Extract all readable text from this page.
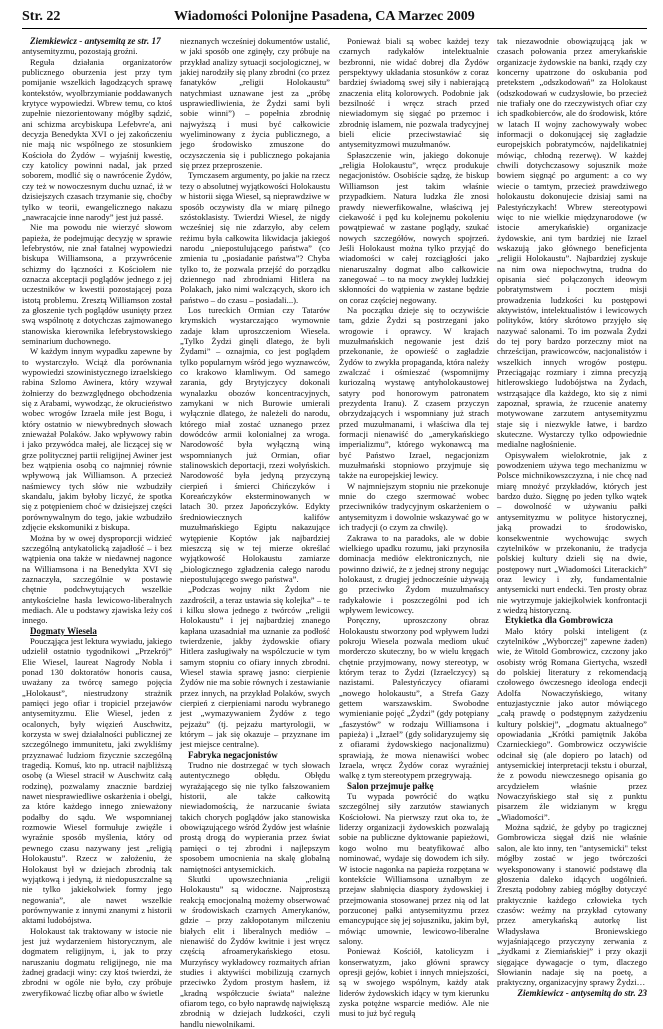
Str. 22	Wiadomości Polonijne Pasadena, CA Marzec 2009

Ziemkiewicz - antysemitą ze str. 17

antysemityzmu, pozostają groźni.

Reguła działania organizatorów publicznego oburzenia jest przy tym pomijanie wszelkich łagodzących sprawę kontekstów, wyolbrzymianie poddawanych krytyce wypowiedzi. Wbrew temu, co ktoś zupełnie niezorientowany mógłby sądzić, ani schizma arcybiskupa Lefebvre'a, ani decyzja Benedykta XVI o jej zakończeniu nie mają nic wspólnego ze stosunkiem Kościoła do Żydów – wyjaśnij kwestię, czy katolicy powinni nadal, jak przed soborem, modlić się o nawrócenie Żydów, czy też w nowoczesnym duchu uznać, iż w dzisiejszych czasach trzymanie się, choćby tylko w teorii, ewangelicznego nakazu „nawracajcie inne narody” jest już passé.

Nie ma powodu nie wierzyć słowom papieża, że podejmując decyzję w sprawie lefebrystów, nie znał fatalnej wypowiedzi biskupa Williamsona, a przywrócenie schizmy do łączności z Kościołem nie oznacza akceptacji poglądów jednego z jej uczestników w kwestii pozostającej poza istotą problemu. Zresztą Williamson został za głoszenie tych poglądów usunięty przez swą wspólnotę z dotychczas zajmowanego stanowiska kierownika lefebrystowskiego seminarium duchownego.

W każdym innym wypadku zapewne by to wystarczyło. Wciąż dla porównania wypowiedzi szowinistycznego izraelskiego rabina Szlomo Awinera, który wzywał żołnierzy do bezwzględnego obchodzenia się z Arabami, wywodząc, że okrucieństwo wobec wrogów Izraela miłe jest Bogu, i który ostatnio w niewybrednych słowach znieważał Polaków. Jako wpływowy rabin i jako przywódca małej, ale liczącej się w grze politycznej partii religijnej Awiner jest bez wątpienia osobą co najmniej równie wpływową jak Williamson. A przecież naśmiewcy tych słów nie wzbudziły skandalu, jakim byłoby liczyć, że spotka się z potępieniem choć w dzisiejszej części porównywalnym do tego, jakie wzbudziło zdjęcie ekskomuniki z biskupa.

Można by w owej dysproporcji widzieć szczególną antykatolicką zajadłość – i bez wątpienia ona także w niedawnej nagonce na Williamsona i na Benedykta XVI się zaznaczyła, szczególnie w postawie chętnie podchwytujących wszelkie antykościelne hasła lewicowo-liberalnych mediach. Ale u podstawy zjawiska leży coś innego.

Dogmaty Wiesela

Poucząjąca jest lektura wywiadu, jakiego udzielił ostatnio tygodnikowi „Przekrój” Elie Wiesel, laureat Nagrody Nobla i ponad 130 doktoratów honoris causa, uważany za twórcę samego pojęcia „Holokaust”, niestrudzony strażnik pamięci jego ofiar i tropiciel przejawów antysemityzmu. Elie Wiesel, jeden z ocalonych, były więzień Auschwitz, korzysta w swej działalności publicznej ze szczególnego immunitetu, jaki zwykliśmy przyznawać ludziom fizycznie szczególną tragedią. Komuś, kto np. utracił najbliższą osobę (a Wiesel stracił w Auschwitz całą rodzinę), pozwalamy znacznie bardziej nawet niesprawiedliwe oskarżenia i obelgi, za które każdego innego znieważony podałby do sądu. We wspomnianej rozmowie Wiesel formułuje zwięźle i wyraźnie sposób myślenia, który od pewnego czasu nazywany jest „religią Holokaustu”. Rzecz w założeniu, że Holokaust był w dziejach zbrodnią tak wyjątkową i jedyną, iż niedopuszczalne są nie tylko jakiekolwiek formy jego negowania”, ale nawet wszelkie porównywanie z innymi znanymi z historii aktami ludobójstwa.

Holokaust tak traktowany w istocie nie jest już wydarzeniem historycznym, ale dogmatem religijnym, i, jak to przy naruszaniu dogmatu religijnego, nie ma żadnej gradacji winy: czy ktoś twierdzi, że zbrodni w ogóle nie było, czy próbuje zweryfikować liczbę ofiar albo w świetle

nieznanych wcześniej dokumentów ustalić, w jaki sposób one zginęły, czy próbuje na przykład analizy sytuacji socjologicznej, w jakiej narodziły się plany zbrodni (co przez fanatyków „religii Holokaustu” natychmiast uznawane jest za „próbę usprawiedliwienia, że Żydzi sami byli sobie winni”) – popełnia zbrodnię najwyższą i musi być całkowicie wyeliminowany z życia publicznego, a jego środowisko zmuszone do oczyszczenia się i publicznego pokajania się przez przeproszenie.

Tymczasem argumenty, po jakie na rzecz tezy o absolutnej wyjątkowości Holokaustu w historii sięga Wiesel, są nieprawdziwe w sposób oczywisty dla w miarę pilnego szóstoklasisty. Twierdzi Wiesel, że nigdy wcześniej się nie zdarzyło, aby celem reżimu była całkowita likwidacja jakiegoś narodu „niepostulującego państwa” (co zmienia tu „posiadanie państwa”? Chyba tylko to, że pozwala przejść do porządku dziennego nad zbrodniami Hitlera na Polakach, jako nimi walczących, skoro ich państwo – do czasu – posiadali...).

Los tureckich Ormian czy Tatarów krymskich wystarczająco wymownie zadaje kłam uproszczeniom Wiesela. „Tylko Żydzi ginęli dlatego, że byli Żydami” – oznajmia, co jest poglądem tylko popularnym wśród jego wyznawców, co krakowo kłamliwym. Od samego zarania, gdy Brytyjczycy dokonali wynalazku obozów koncentracyjnych, zamykani w nich Burowie umierali wyłącznie dlatego, że należeli do narodu, którego miał zostać uznanego przez dowódców armii kolonialnej za wroga. Narodowość była wyłączną winą wspomnianych już Ormian, ofiar stalinowskich deportacji, rzezi wołyńskich. Narodowość była jedyną przyczyną cierpień i śmierci Chińczyków i Koreańczyków eksterminowanych w latach 30. przez Japończyków. Edykty średniowiecznych kalifów muzułmańskiego Egiptu nakazujące wytępienie Koptów jak najbardziej mieszczą się w tej mierze określać wyjątkowość Holokaustu zamiarze „biologicznego zgładzenia całego narodu niepostulującego swego państwa”.

„Podczas wojny nikt Żydom nie zazdrościł, a teraz ustawia się kolejka” – te i kilku słowa jednego z twórców „religii Holokaustu” i jej najbardziej znanego kapłana uzasadniał ma uznanie za podłość twierdzenie, jakby żydowskie ofiary Hitlera zasługiwały na wspólczucie w tym samym stopniu co ofiary innych zbrodni. Wiesel stawia sprawę jasno: cierpienie Żydów nie ma sobie równych i zestawianie przez innych, na przykład Polaków, swych cierpień z cierpieniami narodu wybranego jest „wymazywaniem Żydów z tego pejzażu” (tj. pejzażu martyrologii, w którym – jak się okazuje – przyznane im jest miejsce centralne).

Fabryka negacjonistów

Trudno nie dostrzegać w tych słowach autentycznego obłędu. Obłędu wyrażającego się nie tylko fałszowaniem historii, ale także całkowitą niewiadomością, że narzucanie świata takich chorych poglądów jako stanowiska obowiązującego wśród Żydów jest właśnie prostą drogą do wypierania przez świat pamięci o tej zbrodni i najlepszym sposobem umocnienia na skalę globalną namiętności antysemickich.

Skutki upowszechniania „religii Holokaustu” są widoczne. Najprostszą reakcją emocjonalną możemy obserwować w środowiskach czarnych Amerykanów, gdzie – przy zakłopotanym milczeniu białych elit i liberalnych mediów – nienawiść do Żydów kwitnie i jest wręcz częścią afroamerykańskiego etosu. Murzyńscy wykładowcy rozmaitych afrian studies i aktywiści mobilizują czarnych przeciwko Żydom prostym hasłem, iż „kradną współczucie świata” należne ofiarom tego, co było naprawdę największą zbrodnią w dziejach ludzkości, czyli handlu niewolnikami.

Ponieważ biali są wobec każdej tezy czarnych radykałów intelektualnie bezbronni, nie widać dobrej dla Żydów perspektywy układania stosunków z coraz bardziej świadomą swej siły i nabierającą znaczenia elitą kolorowych. Podobnie jak bezsilność i wręcz strach przed niewiadomym się sięgać po przemoc i zbrodnię islamem, nie pozwala tradycyjnej bieli elicie przeciwstawiać się antysemityzmowi muzułmanów.

Spłaszczenie win, jakiego dokonuje „religia Holokaustu”, wręcz produkuje negacjonistów. Osobiście sądzę, że biskup Williamson jest takim właśnie przypadkiem. Natura ludzka źle znosi prawdy niewerfikowalne, właściwą jej ciekawość i pęd ku kolejnemu pokoleniu powątpiewać w zastane poglądy, szukać nowych szczegółów, nowych spojrzeń. Jeśli Holokaust można tylko przyjąć do wiadomości w całej rozciągłości jako nienaruszalny dogmat albo całkowicie zanegować – to na mocy zwykłej ludzkiej skłonności do wątpienia w zastane będzie on coraz częściej negowany.

Na początku dzieje się to oczywiście tam, gdzie Żydzi są postrzegani jako wrogowie i oprawcy. W krajach muzułmańskich negowanie jest dziś przekonanie, że opowieść o zagładzie Żydów to zwykła propaganda, która należy zwalczać i ośmieszać (wspomnijmy kuriozalną wystawę antyholokaustowej satyry pod honorowym patronatem prezydenta Iranu). Z czasem przyczyn obrzydzających i wspomniany już strach przed muzułmanami, i właściwa dla tej formacji nienawiść do „amerykańskiego imperializmu”, którego wykonawcą ma być Państwo Izrael, negacjonizm muzułmański stopniowo przyjmuje się także na europejskiej lewicy.

W najmniejszym stopniu nie przekonuje mnie do czego szermować wobec przeciwników tradycyjnym oskarżeniem o antysemityzm i dowolnie wskazywać go w ich tradycji (o czym za chwilę).

Zakrawa to na paradoks, ale w dobie wielkiego upadku rozumu, jaki przynosiła dominacja mediów elektronicznych, nie powinno dziwić, że z jednej strony negując holokaust, z drugiej jednocześnie używają go przeciwko Żydom muzułmańscy radykałowie i poszczególni pod ich wpływem lewicowcy.

Poręczny, uproszczony obraz Holokaustu stworzony pod wpływem ludzi pokroju Wiesela pozwala mediom ukuć morderczo skuteczny, bo w wielu kręgach chętnie przyjmowany, nowy stereotyp, w którym teraz to Żydzi (Izraelczycy) są nazistami. Palestyńczycy ofiarami „nowego holokaustu”, a Strefa Gazy gettem warszawskim. Swobodne wymienianie pojęć „Żydzi” (gdy potępiany „faszystów” w rodzaju Williamsona i papieża) i „Izrael” (gdy solidaryzujemy się z ofiarami żydowskiego nacjonalizmu) sprawiają, że mowa nienawiści wobec Izraela, wręcz Żydów coraz wyraźniej walkę z tym stereotypem przegrywają.

Salon przejmuje pałkę

Tu wypada powrócić do wątku szczególnej siły zarzutów stawianych Kościołowi. Na pierwszy rzut oka to, że liderzy organizacji żydowskich pozwalają sobie na publiczne dyktowanie papieżowi, kogo wolno mu beatyfikować albo nominować, wydaje się dowodem ich siły. W istocie nagonka na papieża rozpętana w kontekście Williamsona uznałbym ze przejaw słabnięcia diaspory żydowskiej i przejmowania stosowanej przez nią od lat porzuconej pałki antysemityzmu przez emancypujące się jej sojuszniku, jakim był, mówiąc umownie, lewicowo-liberalne salony.

Ponieważ Kościół, katolicyzm i konserwatyzm, jako główni sprawcy opresji gejów, kobiet i innych mniejszości, są w swojego wspólnym, każdy atak liderów żydowskich idący w tym kierunku zyska potężne wsparcie mediów. Ale nie musi to już być regułą

tak niezawodnie obowiązującą jak w czasach połowania przez amerykańskie organizacje żydowskie na banki, rządy czy koncerny upatrzone do oskubania pod pretekstem „odszkodowań” za Holokaust (odszkodowań w cudzysłowie, bo przecież nie trafiały one do rzeczywistych ofiar czy ich spadkobierców, ale do środowisk, które w latach II wojny zachowywały wobec informacji o dokonującej się zagładzie europejskich pobratymców, najdelikatniej mówiąc, chłodną rezerwę). W każdej chwili dotychczasowy sojusznik może bowiem sięgnąć po argument: a co wy wiecie o tamtym, przecież prawdziwego holokaustu dokonujecie dzisiaj sami na Palestyńczykach! Wbrew stereotypowi więc to nie wielkie międzynarodowe (w istocie amerykańskie) organizacje żydowskie, ani tym bardziej nie Izrael wskazują jako głównego beneficjenta „religii Holokaustu”. Najbardziej zyskuje na nim owa niepochwytna, trudna do opisania sieć połączonych ideowym pobratymstwem i pocztem misji prowadzenia ludzkości ku postępowi aktywistów, intelektualistów i lewicowych polityków, który skrótowo przyjęło się nazywać salonami. To im pozwala Żydzi do tej pory bardzo porzeczny miot na chrześcijan, prawicowców, nacjonalistów i wszelkich innych wrogów postępu. Przeciągając rozmiary i zimna precyzją hitlerowskiego ludobójstwa na Żydach, wstrząsające dla każdego, kto się z nimi zapoznał, sprawia, że rzucenie anatemy motywowane zarzutem antysemityzmu staje się i niezwykle łatwe, i bardzo skuteczne. Wystarczy tylko odpowiednie medialne nagłośnienie.

Opisywałem wielokrotnie, jak z powodzeniem używa tego mechanizmu w Polsce michnikowszczyzna, i nie chcę nad miarę mnożyć przykładów, których jest bardzo dużo. Sięgnę po jeden tylko wątek – dowolność w używaniu pałki antysemityzmu w polityce historycznej, jaką prowadzi to środowisko, konsekwentnie wychowując swych czytelników w przekonaniu, że tradycja polskiej kultury dzieli się na dwie, postępowy nurt „Wiadomości Literackich” oraz lewicy i zły, fundamentalnie antysemicki nurt endecki. Ten prosty obraz nie wytrzymuje jakiejkolwiek konfrontacji z wiedzą historyczną.

Etykietka dla Gombrowicza

Mało który polski inteligent (z czytelników „Wyborczej” zapewne żaden) wie, że Witold Gombrowicz, czczony jako osobisty wróg Romana Giertycha, wszedł do polskiej literatury z rekomendacją czołowego ówczesnego ideologa endecji Adolfa Nowaczyńskiego, witany entuzjastycznie jako autor mówiącego „całą prawdę o podstępnym zażydzeniu kultury polskiej”, „dogmatu aktualnego” opowiadania „Krótki pamiętnik Jakóba Czarnieckiego”. Gombrowicz oczywiście odcinał się (ale dopiero po latach) od antysemickiej interpretacji tekstu i oburzał, że z powodu niewczesnego opisania go arcydziełem właśnie przez Nowaczyńskiego stał się z punktu pisarzem źle widzianym w kręgu „Wiadomości”.

Można sądzić, że gdyby po tragicznej Gombrowicza sięgał dziś nie właśnie salon, ale kto inny, ten "antysemicki" tekst mógłby zostać w jego twórczości wyeksponowany i stanowić podstawę dla głoszenia daleko idących uogólnień. Zresztą podobny zabieg mógłby dotyczyć praktycznie każdego człowieka tych czasów: weźmy na przykład cytowany przez amerykańską autorkę list Władysława Broniewskiego wyjaśniającego przyczyny zerwania z „żydkami z Ziemiańskiej” i przy okazji sięgające dywagacje o tym, dlaczego Słowianin nadaje się na poetę, a praktyczny, organizacyjny sprawy Żydzi…

Ziemkiewicz - antysemitą do str. 23
